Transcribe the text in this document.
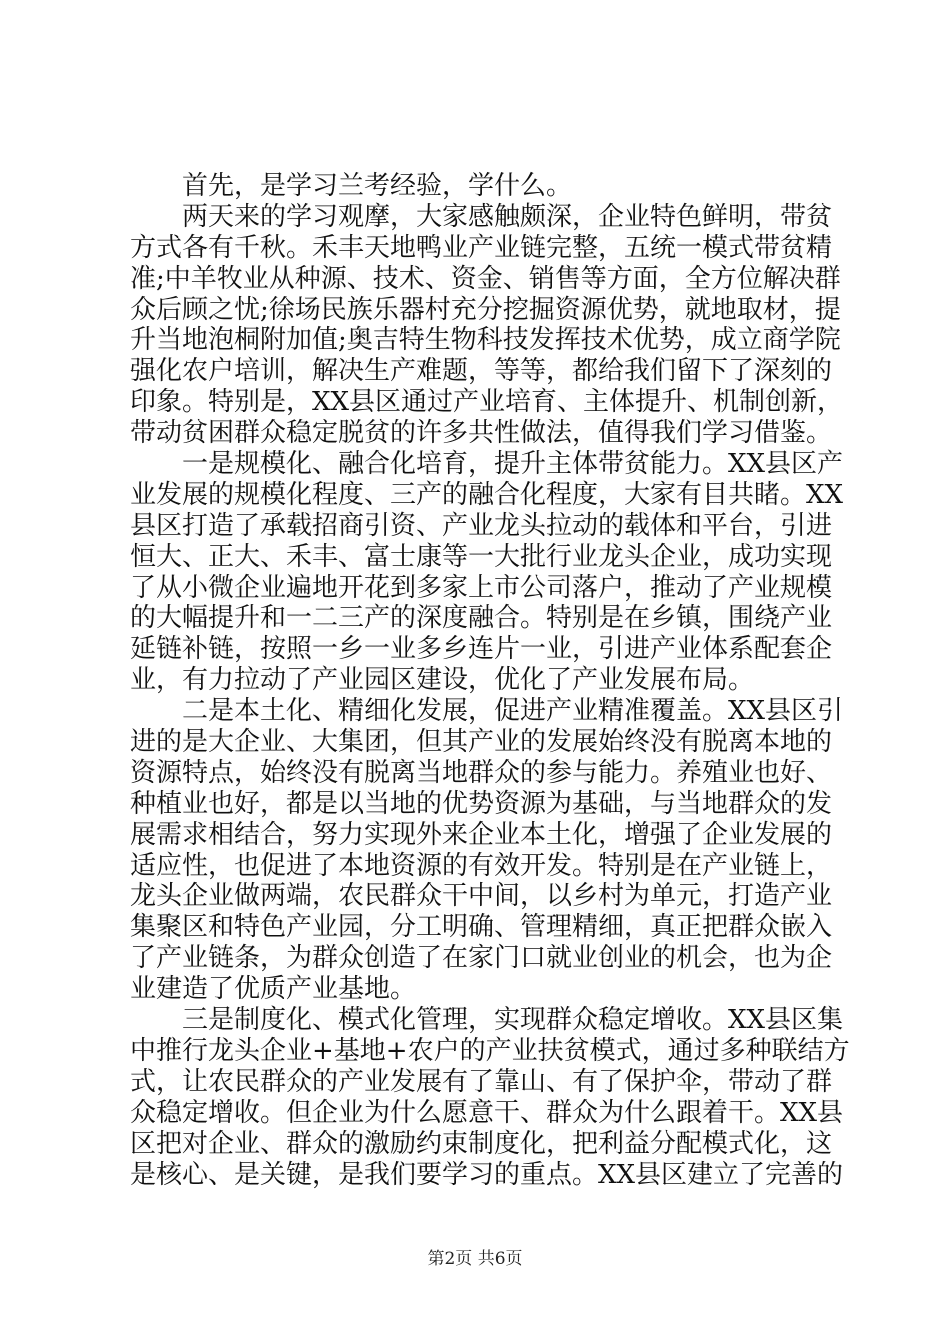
首先，是学习兰考经验，学什么。
两天来的学习观摩，大家感触颇深，企业特色鲜明，带贫
方式各有千秋。禾丰天地鸭业产业链完整，五统一模式带贫精
准;中羊牧业从种源、技术、资金、销售等方面，全方位解决群
众后顾之忧;徐场民族乐器村充分挖掘资源优势，就地取材，提
升当地泡桐附加值;奥吉特生物科技发挥技术优势，成立商学院
强化农户培训，解决生产难题，等等，都给我们留下了深刻的
印象。特别是，XX县区通过产业培育、主体提升、机制创新，
带动贫困群众稳定脱贫的许多共性做法，值得我们学习借鉴。
一是规模化、融合化培育，提升主体带贫能力。XX县区产
业发展的规模化程度、三产的融合化程度，大家有目共睹。XX
县区打造了承载招商引资、产业龙头拉动的载体和平台，引进
恒大、正大、禾丰、富士康等一大批行业龙头企业，成功实现
了从小微企业遍地开花到多家上市公司落户，推动了产业规模
的大幅提升和一二三产的深度融合。特别是在乡镇，围绕产业
延链补链，按照一乡一业多乡连片一业，引进产业体系配套企
业，有力拉动了产业园区建设，优化了产业发展布局。
二是本土化、精细化发展，促进产业精准覆盖。XX县区引
进的是大企业、大集团，但其产业的发展始终没有脱离本地的
资源特点，始终没有脱离当地群众的参与能力。养殖业也好、
种植业也好，都是以当地的优势资源为基础，与当地群众的发
展需求相结合，努力实现外来企业本土化，增强了企业发展的
适应性，也促进了本地资源的有效开发。特别是在产业链上，
龙头企业做两端，农民群众干中间，以乡村为单元，打造产业
集聚区和特色产业园，分工明确、管理精细，真正把群众嵌入
了产业链条，为群众创造了在家门口就业创业的机会，也为企
业建造了优质产业基地。
三是制度化、模式化管理，实现群众稳定增收。XX县区集
中推行龙头企业+基地+农户的产业扶贫模式，通过多种联结方
式，让农民群众的产业发展有了靠山、有了保护伞，带动了群
众稳定增收。但企业为什么愿意干、群众为什么跟着干。XX县
区把对企业、群众的激励约束制度化，把利益分配模式化，这
是核心、是关键，是我们要学习的重点。XX县区建立了完善的
第2页 共6页
